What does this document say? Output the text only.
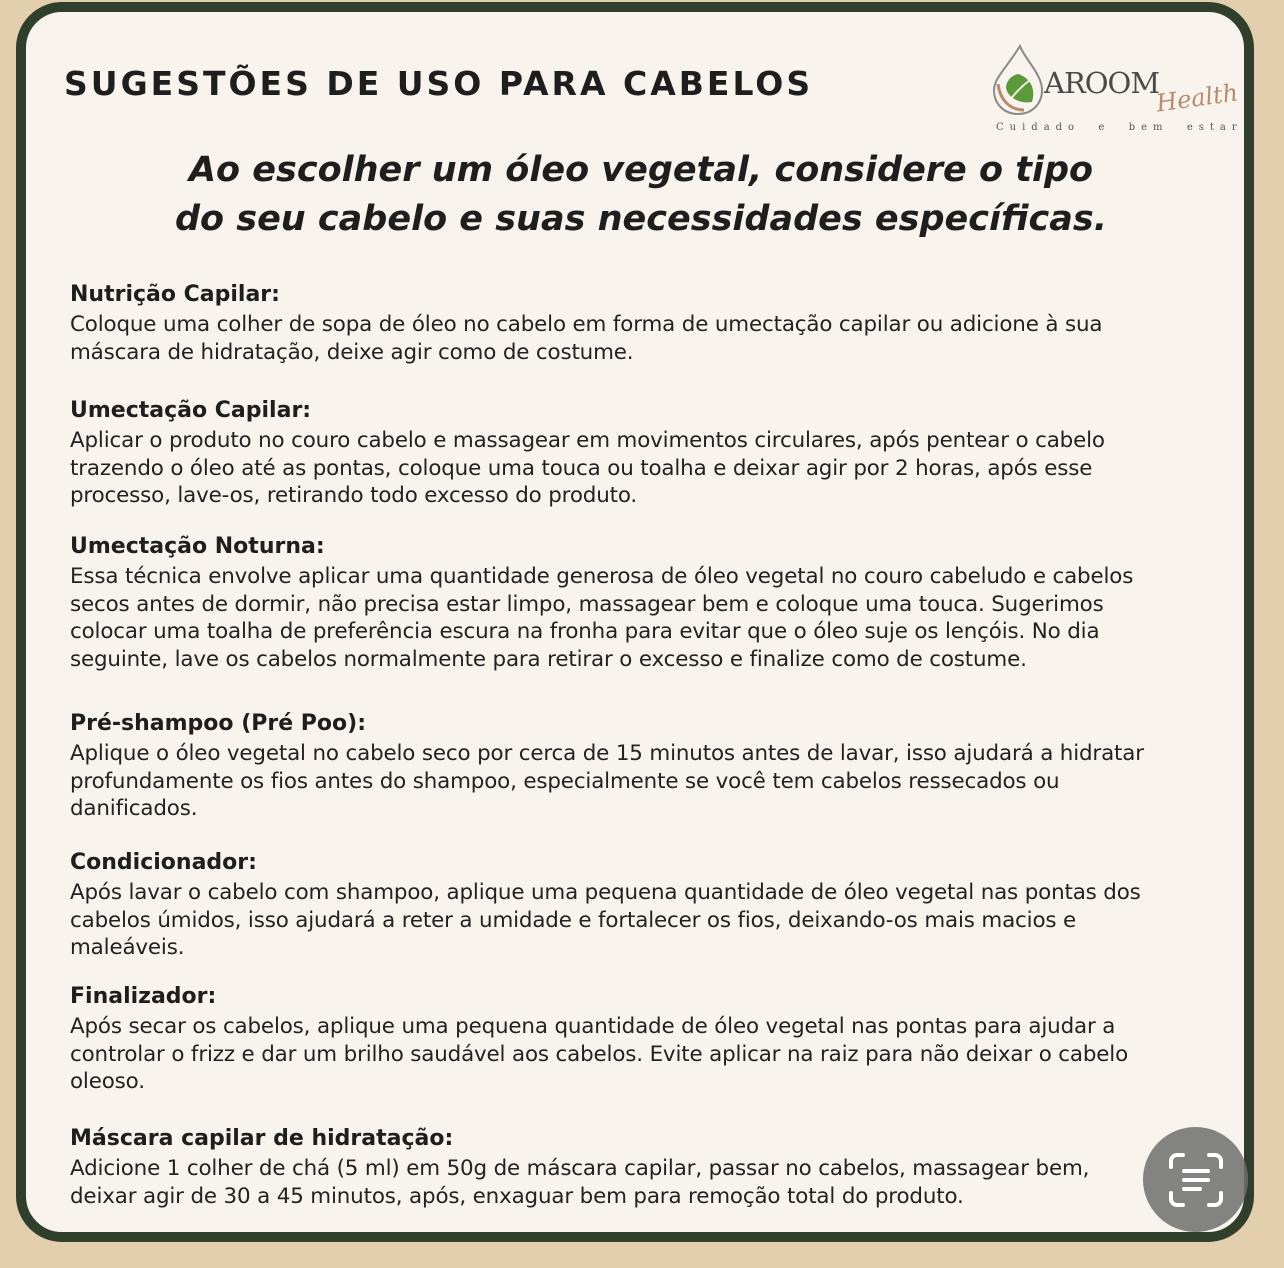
SUGESTÕES DE USO PARA CABELOS	AROOM
Health
Cuidado  e  bem  estar
Ao escolher um óleo vegetal, considere o tipo
do seu cabelo e suas necessidades específicas.
Nutrição Capilar:
Coloque uma colher de sopa de óleo no cabelo em forma de umectação capilar ou adicione à sua
máscara de hidratação, deixe agir como de costume.
Umectação Capilar:
Aplicar o produto no couro cabelo e massagear em movimentos circulares, após pentear o cabelo
trazendo o óleo até as pontas, coloque uma touca ou toalha e deixar agir por 2 horas, após esse
processo, lave-os, retirando todo excesso do produto.
Umectação Noturna:
Essa técnica envolve aplicar uma quantidade generosa de óleo vegetal no couro cabeludo e cabelos
secos antes de dormir, não precisa estar limpo, massagear bem e coloque uma touca. Sugerimos
colocar uma toalha de preferência escura na fronha para evitar que o óleo suje os lençóis. No dia
seguinte, lave os cabelos normalmente para retirar o excesso e finalize como de costume.
Pré-shampoo (Pré Poo):
Aplique o óleo vegetal no cabelo seco por cerca de 15 minutos antes de lavar, isso ajudará a hidratar
profundamente os fios antes do shampoo, especialmente se você tem cabelos ressecados ou
danificados.
Condicionador:
Após lavar o cabelo com shampoo, aplique uma pequena quantidade de óleo vegetal nas pontas dos
cabelos úmidos, isso ajudará a reter a umidade e fortalecer os fios, deixando-os mais macios e
maleáveis.
Finalizador:
Após secar os cabelos, aplique uma pequena quantidade de óleo vegetal nas pontas para ajudar a
controlar o frizz e dar um brilho saudável aos cabelos. Evite aplicar na raiz para não deixar o cabelo
oleoso.
Máscara capilar de hidratação:
Adicione 1 colher de chá (5 ml) em 50g de máscara capilar, passar no cabelos, massagear bem,
deixar agir de 30 a 45 minutos, após, enxaguar bem para remoção total do produto.
